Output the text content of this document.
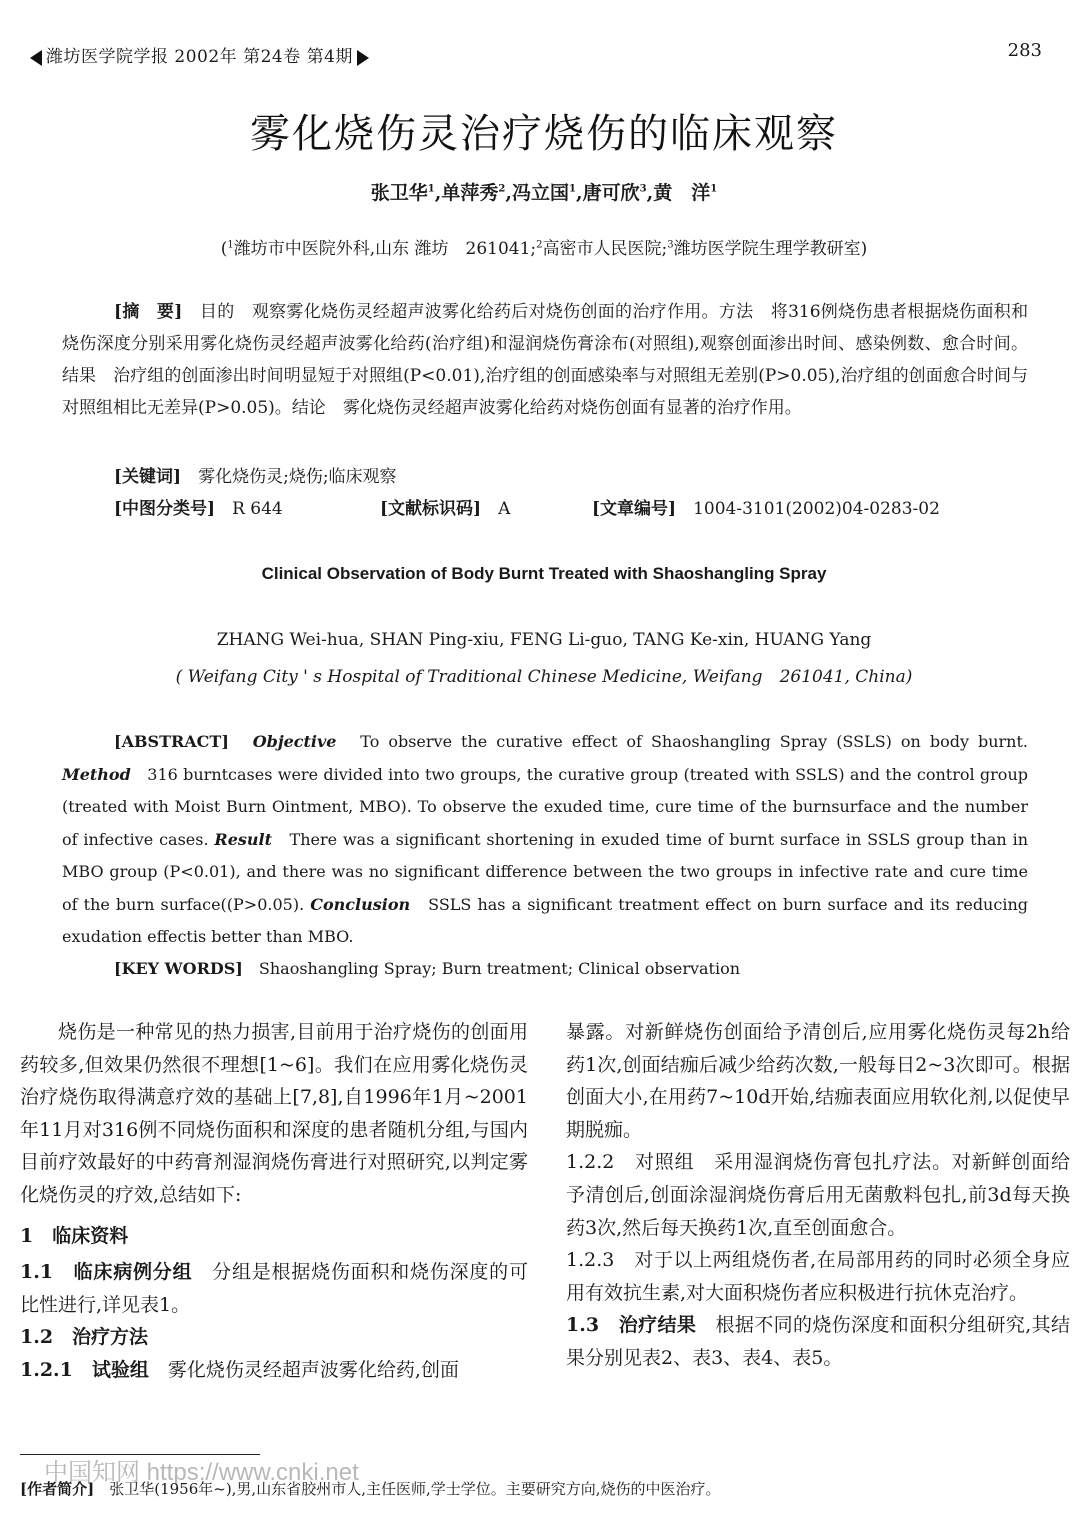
潍坊医学院学报 2002年 第24卷 第4期	283
雾化烧伤灵治疗烧伤的临床观察
张卫华$^1$,单萍秀$^2$,冯立国$^1$,唐可欣$^3$,黄　洋$^1$
($^1$潍坊市中医院外科,山东 潍坊　261041;$^2$高密市人民医院;$^3$潍坊医学院生理学教研室)
[摘　要]　 目的　 观察雾化烧伤灵经超声波雾化给药后对烧伤创面的治疗作用。方法　 将316例烧伤患者根据烧伤面积和烧伤深度分别采用雾化烧伤灵经超声波雾化给药(治疗组)和湿润烧伤膏涂布(对照组),观察创面渗出时间、感染例数、愈合时间。结果　 治疗组的创面渗出时间明显短于对照组(P<0.01),治疗组的创面感染率与对照组无差别(P>0.05),治疗组的创面愈合时间与对照组相比无差异(P>0.05)。结论　 雾化烧伤灵经超声波雾化给药对烧伤创面有显著的治疗作用。
[关键词]　 雾化烧伤灵;烧伤;临床观察
[中图分类号]　 R 644	[文献标识码]　 A	[文章编号]　 1004-3101(2002)04-0283-02
Clinical Observation of Body Burnt Treated with Shaoshangling Spray
ZHANG Wei-hua, SHAN Ping-xiu, FENG Li-guo, TANG Ke-xin, HUANG Yang
( Weifang City ' s Hospital of Traditional Chinese Medicine, Weifang　261041, China)
[ABSTRACT]　 Objective　 To observe the curative effect of Shaoshangling Spray (SSLS) on body burnt. Method　 316 burntcases were divided into two groups, the curative group (treated with SSLS) and the control group (treated with Moist Burn Ointment, MBO). To observe the exuded time, cure time of the burnsurface and the number of infective cases. Result　 There was a significant shortening in exuded time of burnt surface in SSLS group than in MBO group (P<0.01), and there was no significant difference between the two groups in infective rate and cure time of the burn surface((P>0.05). Conclusion　 SSLS has a significant treatment effect on burn surface and its reducing exudation effectis better than MBO.
[KEY WORDS]　 Shaoshangling Spray; Burn treatment; Clinical observation

烧伤是一种常见的热力损害,目前用于治疗烧伤的创面用药较多,但效果仍然很不理想[1~6]。我们在应用雾化烧伤灵治疗烧伤取得满意疗效的基础上[7,8],自1996年1月~2001年11月对316例不同烧伤面积和深度的患者随机分组,与国内目前疗效最好的中药膏剂湿润烧伤膏进行对照研究,以判定雾化烧伤灵的疗效,总结如下:

1　临床资料

1.1　临床病例分组　 分组是根据烧伤面积和烧伤深度的可比性进行,详见表1。

1.2　治疗方法

1.2.1　试验组　 雾化烧伤灵经超声波雾化给药,创面

暴露。对新鲜烧伤创面给予清创后,应用雾化烧伤灵每2h给药1次,创面结痂后减少给药次数,一般每日2~3次即可。根据创面大小,在用药7~10d开始,结痂表面应用软化剂,以促使早期脱痂。

1.2.2　对照组　 采用湿润烧伤膏包扎疗法。对新鲜创面给予清创后,创面涂湿润烧伤膏后用无菌敷料包扎,前3d每天换药3次,然后每天换药1次,直至创面愈合。

1.2.3　 对于以上两组烧伤者,在局部用药的同时必须全身应用有效抗生素,对大面积烧伤者应积极进行抗休克治疗。

1.3　治疗结果　 根据不同的烧伤深度和面积分组研究,其结果分别见表2、表3、表4、表5。

中国知网 https://www.cnki.net
[作者简介]　 张卫华(1956年~),男,山东省胶州市人,主任医师,学士学位。主要研究方向,烧伤的中医治疗。
